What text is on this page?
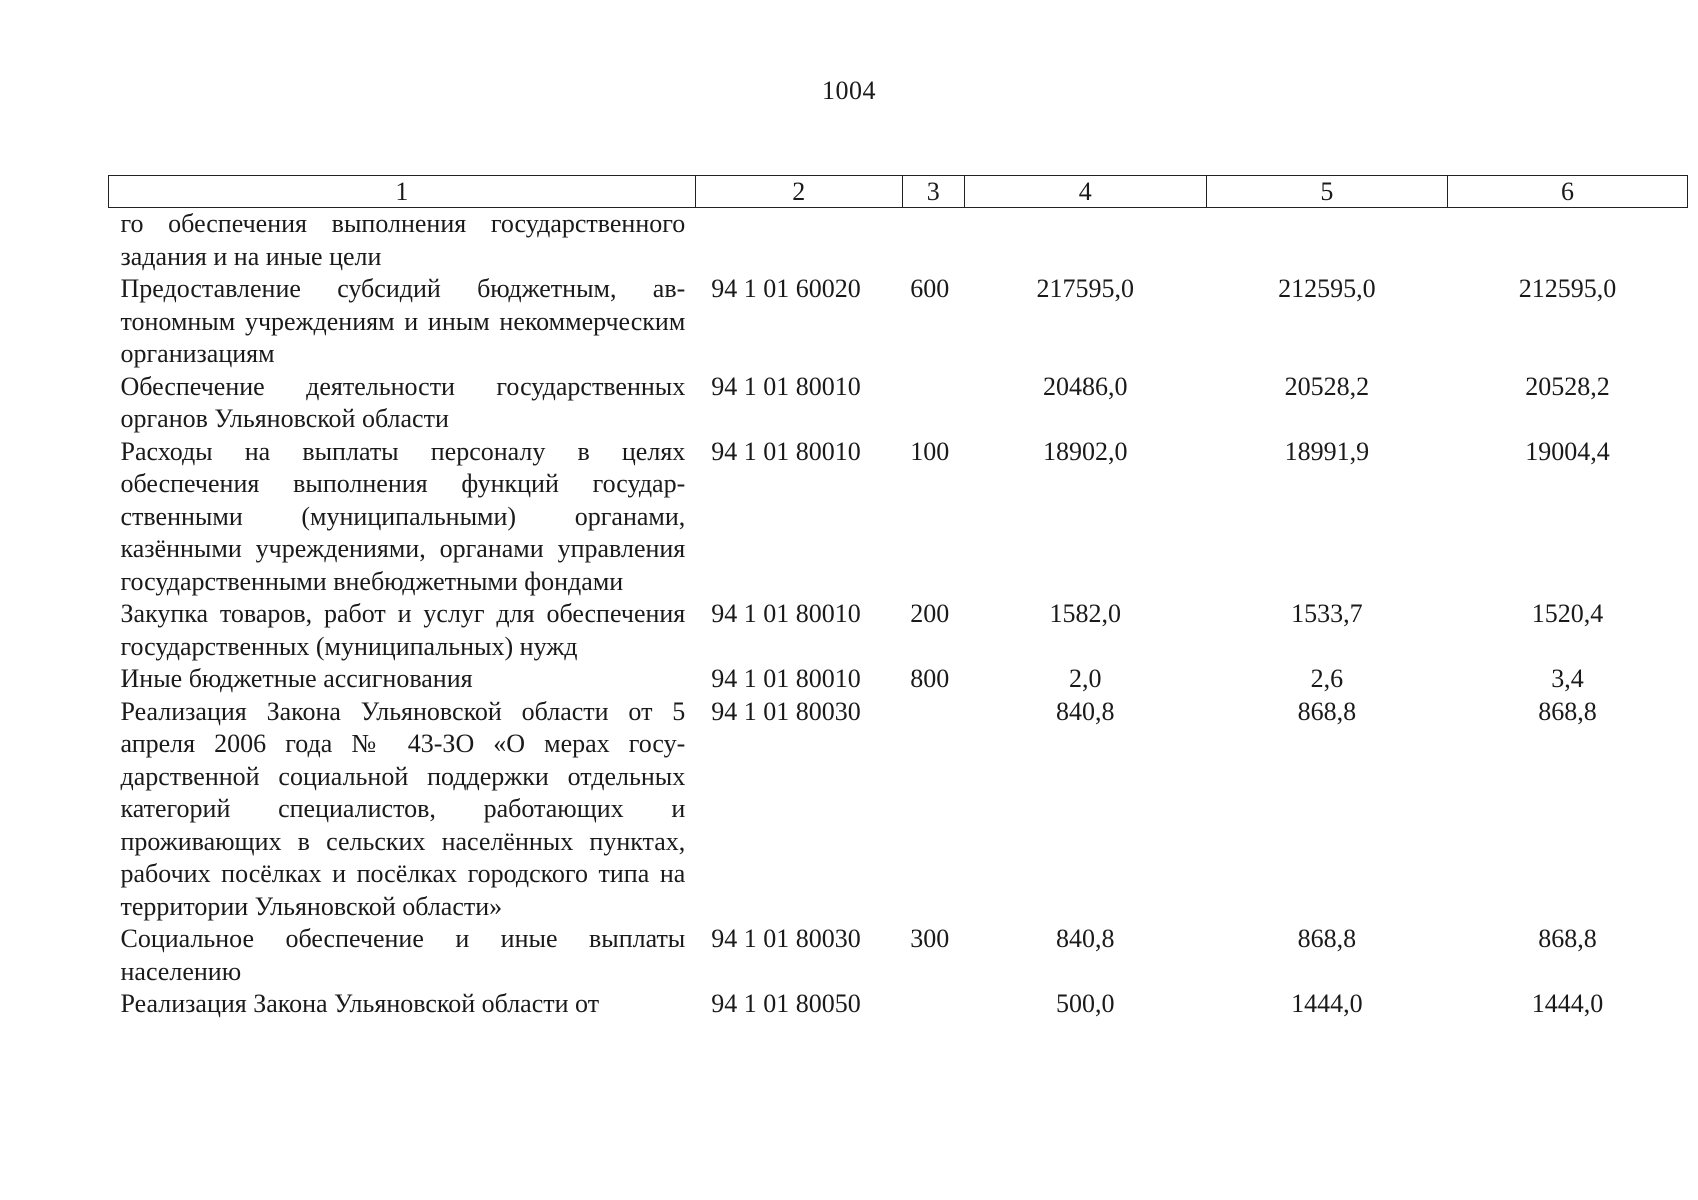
1004
1	2	3	4	5	6
го обеспечения выполнения государственного задания и на иные цели					
Предоставление субсидий бюджетным, автономным учреждениям и иным некоммерческим организациям	94 1 01 60020	600	217595,0	212595,0	212595,0
Обеспечение деятельности государственных органов Ульяновской области	94 1 01 80010		20486,0	20528,2	20528,2
Расходы на выплаты персоналу в целях обеспечения выполнения функций государственными (муниципальными) органами, казёнными учреждениями, органами управления государственными внебюджетными фондами	94 1 01 80010	100	18902,0	18991,9	19004,4
Закупка товаров, работ и услуг для обеспечения государственных (муниципальных) нужд	94 1 01 80010	200	1582,0	1533,7	1520,4
Иные бюджетные ассигнования	94 1 01 80010	800	2,0	2,6	3,4
Реализация Закона Ульяновской области от 5 апреля 2006 года № 43-ЗО «О мерах государственной социальной поддержки отдельных категорий специалистов, работающих и проживающих в сельских населённых пунктах, рабочих посёлках и посёлках городского типа на территории Ульяновской области»	94 1 01 80030		840,8	868,8	868,8
Социальное обеспечение и иные выплаты населению	94 1 01 80030	300	840,8	868,8	868,8
Реализация Закона Ульяновской области от	94 1 01 80050		500,0	1444,0	1444,0
